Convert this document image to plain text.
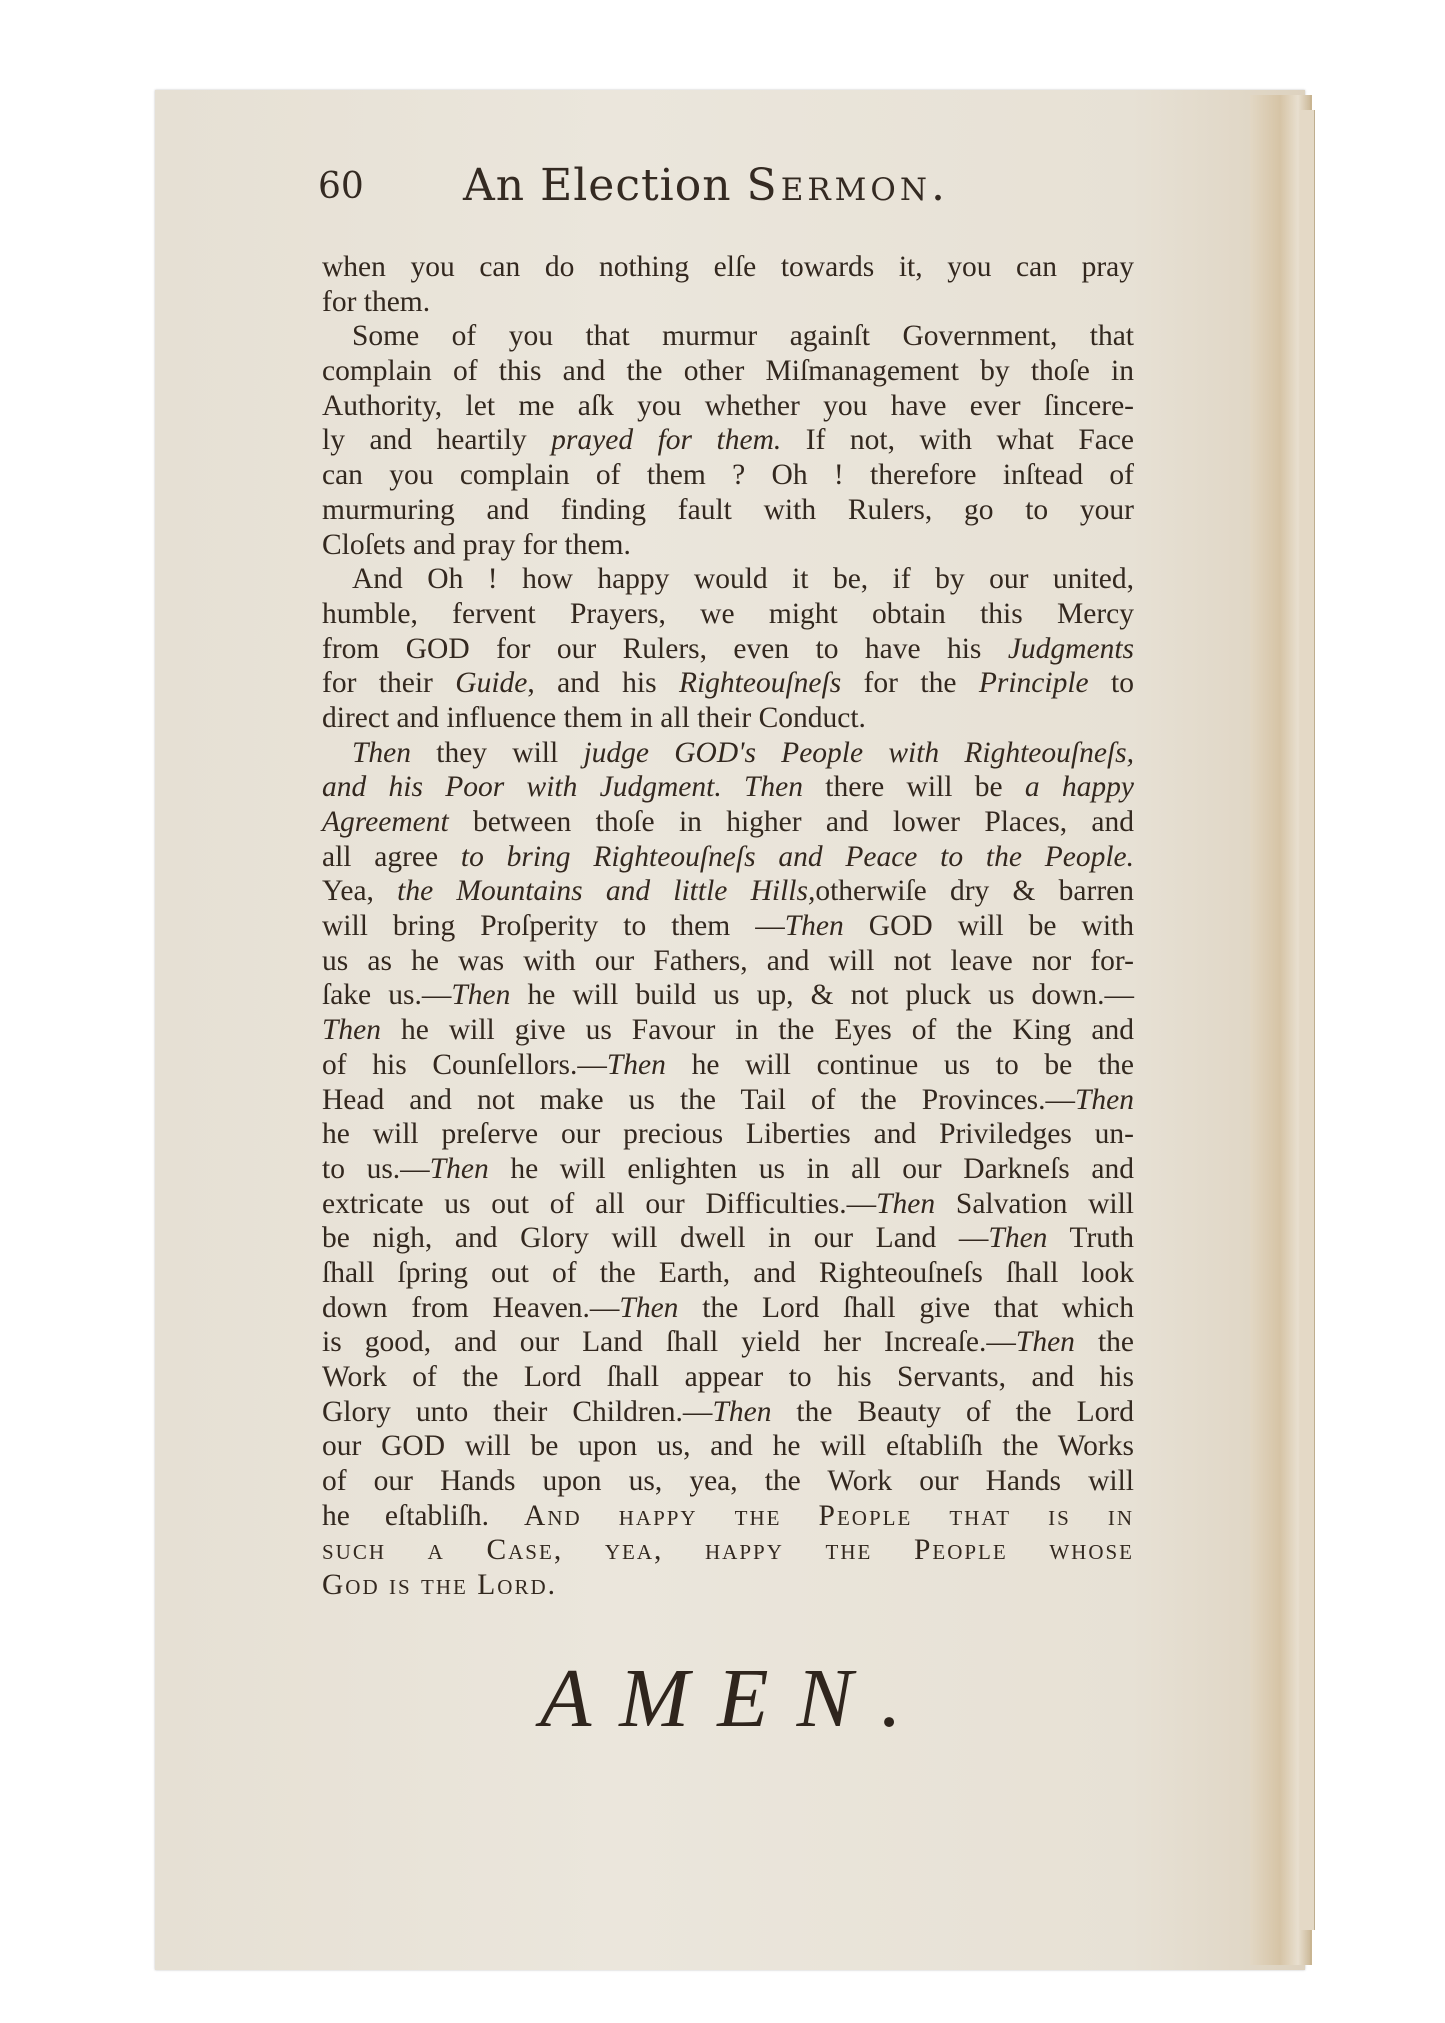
60 An Election Sermon.
when you can do nothing elſe towards it, you can pray
for them.
Some of you that murmur againſt Government, that
complain of this and the other Miſmanagement by thoſe in
Authority, let me aſk you whether you have ever ſincere-
ly and heartily prayed for them. If not, with what Face
can you complain of them ? Oh ! therefore inſtead of
murmuring and finding fault with Rulers, go to your
Cloſets and pray for them.
And Oh ! how happy would it be, if by our united,
humble, fervent Prayers, we might obtain this Mercy
from GOD for our Rulers, even to have his Judgments
for their Guide, and his Righteouſneſs for the Principle to
direct and influence them in all their Conduct.
Then they will judge GOD's People with Righteouſneſs,
and his Poor with Judgment. Then there will be a happy
Agreement between thoſe in higher and lower Places, and
all agree to bring Righteouſneſs and Peace to the People.
Yea, the Mountains and little Hills,otherwiſe dry & barren
will bring Proſperity to them —Then GOD will be with
us as he was with our Fathers, and will not leave nor for-
ſake us.—Then he will build us up, & not pluck us down.—
Then he will give us Favour in the Eyes of the King and
of his Counſellors.—Then he will continue us to be the
Head and not make us the Tail of the Provinces.—Then
he will preſerve our precious Liberties and Priviledges un-
to us.—Then he will enlighten us in all our Darkneſs and
extricate us out of all our Difficulties.—Then Salvation will
be nigh, and Glory will dwell in our Land —Then Truth
ſhall ſpring out of the Earth, and Righteouſneſs ſhall look
down from Heaven.—Then the Lord ſhall give that which
is good, and our Land ſhall yield her Increaſe.—Then the
Work of the Lord ſhall appear to his Servants, and his
Glory unto their Children.—Then the Beauty of the Lord
our GOD will be upon us, and he will eſtabliſh the Works
of our Hands upon us, yea, the Work our Hands will
he eſtabliſh. And happy the People that is in
such a Case, yea, happy the People whose
God is the Lord.
AMEN.
